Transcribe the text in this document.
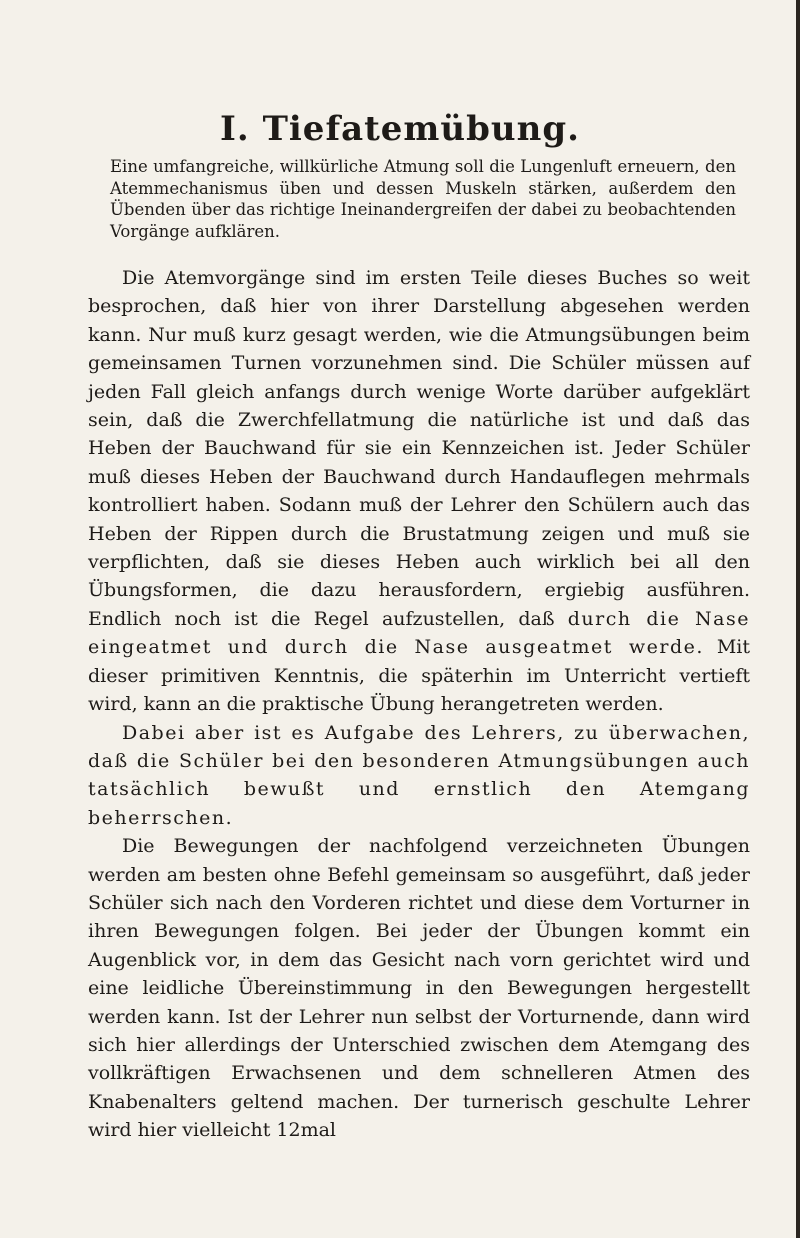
I. Tiefatemübung.
Eine umfangreiche, willkürliche Atmung soll die Lungenluft erneuern, den Atemmechanismus üben und dessen Muskeln stärken, außerdem den Übenden über das richtige Ineinandergreifen der dabei zu beobachtenden Vorgänge aufklären.

Die Atemvorgänge sind im ersten Teile dieses Buches so weit besprochen, daß hier von ihrer Darstellung abgesehen werden kann. Nur muß kurz gesagt werden, wie die Atmungsübungen beim gemeinsamen Turnen vorzunehmen sind. Die Schüler müssen auf jeden Fall gleich anfangs durch wenige Worte darüber aufgeklärt sein, daß die Zwerchfellatmung die natürliche ist und daß das Heben der Bauchwand für sie ein Kennzeichen ist. Jeder Schüler muß dieses Heben der Bauchwand durch Handauflegen mehrmals kontrolliert haben. Sodann muß der Lehrer den Schülern auch das Heben der Rippen durch die Brustatmung zeigen und muß sie verpflichten, daß sie dieses Heben auch wirklich bei all den Übungsformen, die dazu herausfordern, ergiebig ausführen. Endlich noch ist die Regel aufzustellen, daß durch die Nase eingeatmet und durch die Nase ausgeatmet werde. Mit dieser primitiven Kenntnis, die späterhin im Unterricht vertieft wird, kann an die praktische Übung herangetreten werden.

Dabei aber ist es Aufgabe des Lehrers, zu überwachen, daß die Schüler bei den besonderen Atmungsübungen auch tatsächlich bewußt und ernstlich den Atemgang beherrschen.

Die Bewegungen der nachfolgend verzeichneten Übungen werden am besten ohne Befehl gemeinsam so ausgeführt, daß jeder Schüler sich nach den Vorderen richtet und diese dem Vorturner in ihren Bewegungen folgen. Bei jeder der Übungen kommt ein Augenblick vor, in dem das Gesicht nach vorn gerichtet wird und eine leidliche Übereinstimmung in den Bewegungen hergestellt werden kann. Ist der Lehrer nun selbst der Vorturnende, dann wird sich hier allerdings der Unterschied zwischen dem Atemgang des vollkräftigen Erwachsenen und dem schnelleren Atmen des Knabenalters geltend machen. Der turnerisch geschulte Lehrer wird hier vielleicht 12mal
